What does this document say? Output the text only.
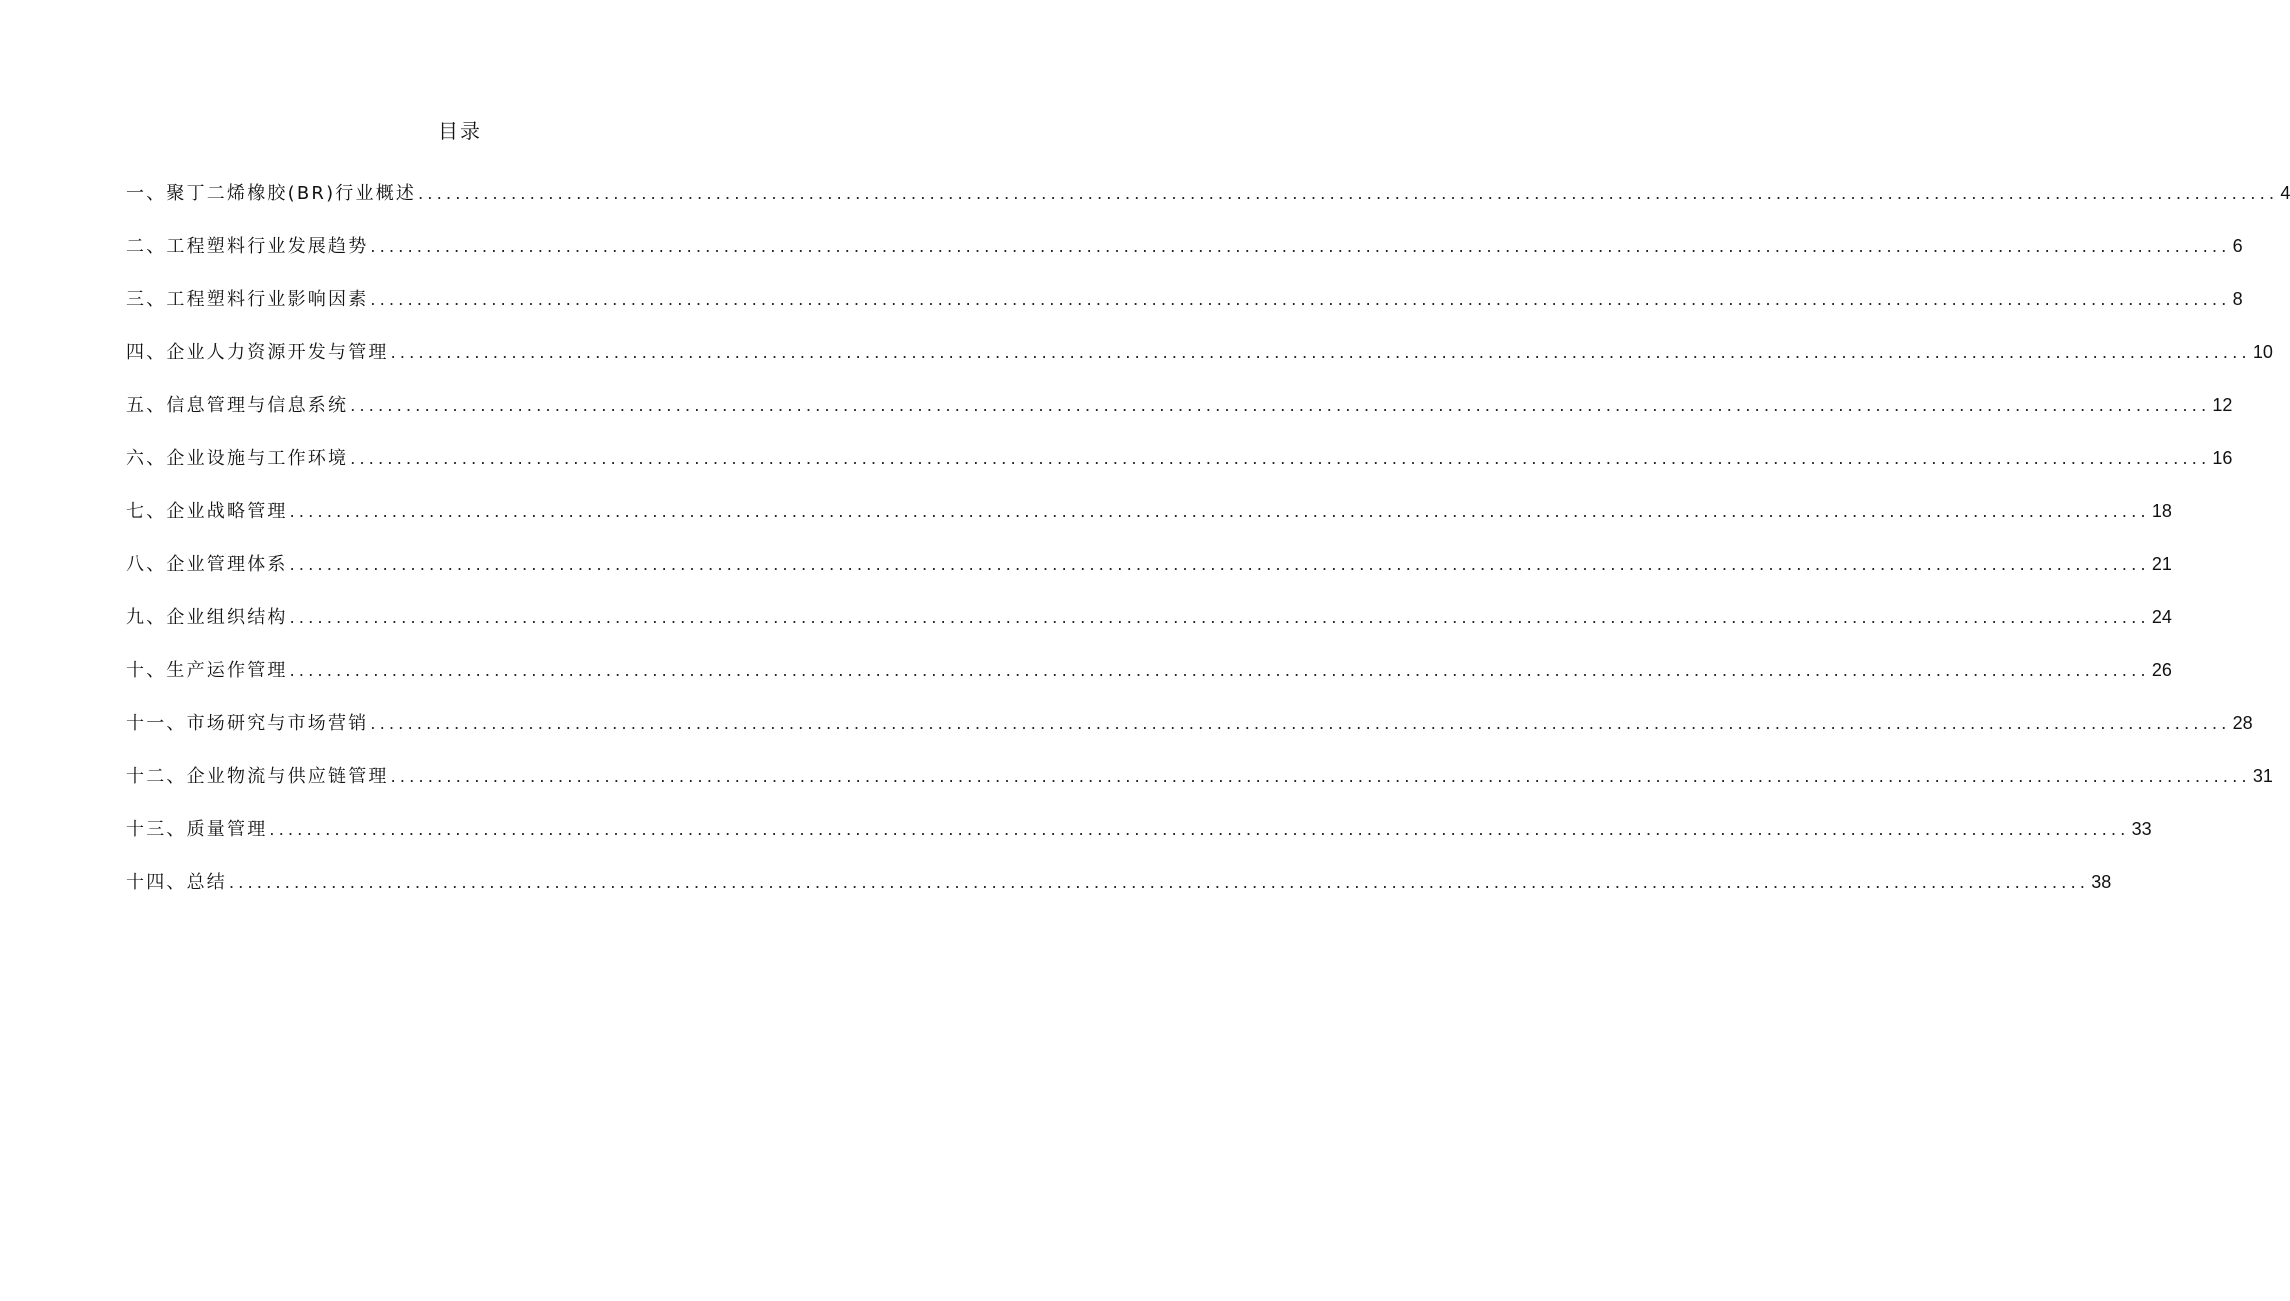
目录
一、聚丁二烯橡胶(BR)行业概述 ........................................................................................................................................................................................................ 4
二、工程塑料行业发展趋势 ........................................................................................................................................................................................................ 6
三、工程塑料行业影响因素 ........................................................................................................................................................................................................ 8
四、企业人力资源开发与管理 ........................................................................................................................................................................................................ 10
五、信息管理与信息系统 ........................................................................................................................................................................................................ 12
六、企业设施与工作环境 ........................................................................................................................................................................................................ 16
七、企业战略管理 ........................................................................................................................................................................................................ 18
八、企业管理体系 ........................................................................................................................................................................................................ 21
九、企业组织结构 ........................................................................................................................................................................................................ 24
十、生产运作管理 ........................................................................................................................................................................................................ 26
十一、市场研究与市场营销 ........................................................................................................................................................................................................ 28
十二、企业物流与供应链管理 ........................................................................................................................................................................................................ 31
十三、质量管理 ........................................................................................................................................................................................................ 33
十四、总结 ........................................................................................................................................................................................................ 38
